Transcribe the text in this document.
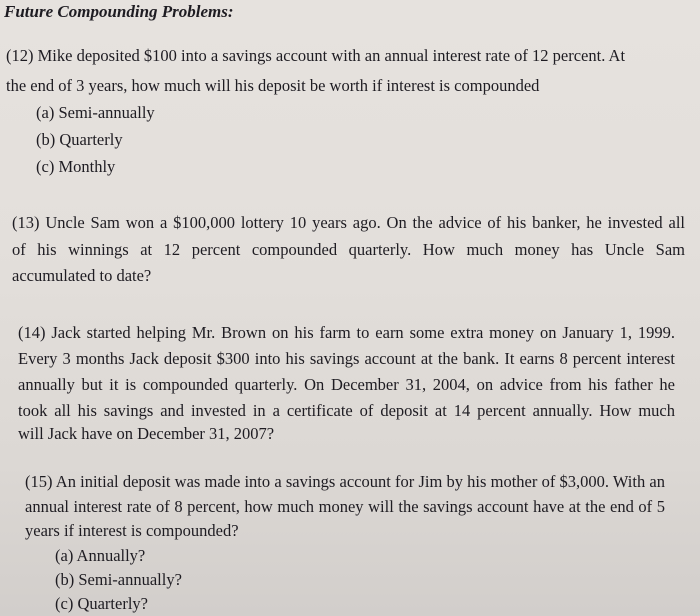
Future Compounding Problems:
(12) Mike deposited $100 into a savings account with an annual interest rate of 12 percent. At
the end of 3 years, how much will his deposit be worth if interest is compounded
(a) Semi-annually
(b) Quarterly
(c) Monthly
(13) Uncle Sam won a $100,000 lottery 10 years ago. On the advice of his banker, he invested all
of his winnings at 12 percent compounded quarterly. How much money has Uncle Sam
accumulated to date?
(14) Jack started helping Mr. Brown on his farm to earn some extra money on January 1, 1999.
Every 3 months Jack deposit $300 into his savings account at the bank. It earns 8 percent interest
annually but it is compounded quarterly. On December 31, 2004, on advice from his father he
took all his savings and invested in a certificate of deposit at 14 percent annually. How much
will Jack have on December 31, 2007?
(15) An initial deposit was made into a savings account for Jim by his mother of $3,000. With an
annual interest rate of 8 percent, how much money will the savings account have at the end of 5
years if interest is compounded?
(a) Annually?
(b) Semi-annually?
(c) Quarterly?
